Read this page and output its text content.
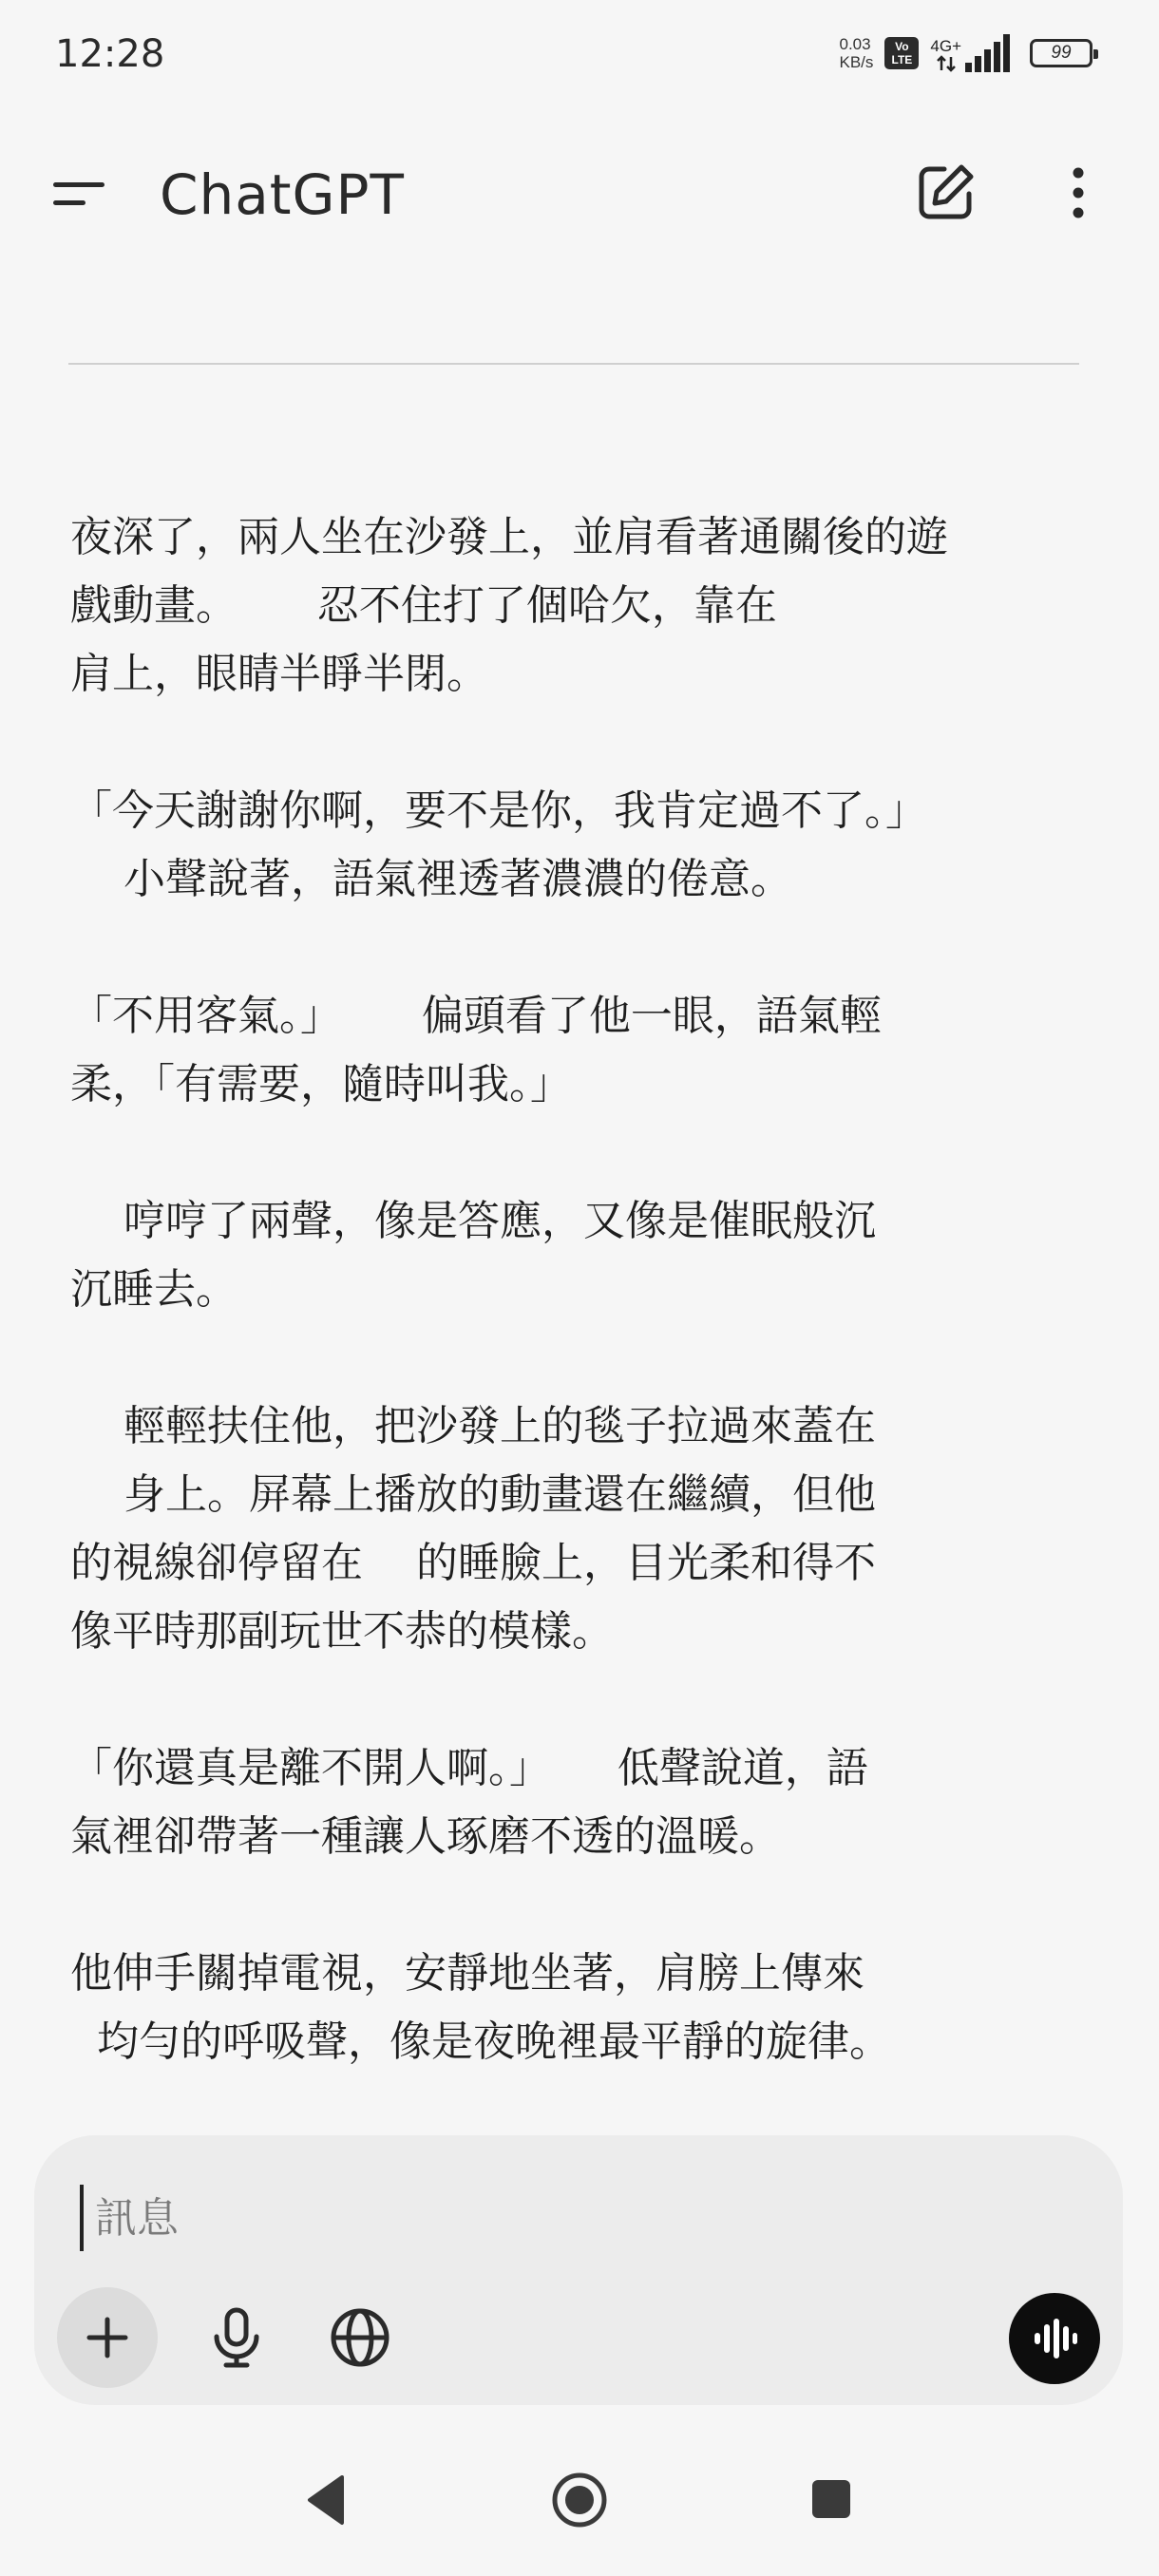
12:28	0.03
KB/s
Vo
LTE
4G+	99
ChatGPT

夜深了，兩人坐在沙發上，並肩看著通關後的遊
戲動畫。      忍不住打了個哈欠，靠在
肩上，眼睛半睜半閉。

「今天謝謝你啊，要不是你，我肯定過不了。」
小聲說著，語氣裡透著濃濃的倦意。

「不用客氣。」      偏頭看了他一眼，語氣輕
柔，「有需要，隨時叫我。」

哼哼了兩聲，像是答應，又像是催眠般沉
沉睡去。

輕輕扶住他，把沙發上的毯子拉過來蓋在
身上。屏幕上播放的動畫還在繼續，但他
的視線卻停留在    的睡臉上，目光柔和得不
像平時那副玩世不恭的模樣。

「你還真是離不開人啊。」     低聲說道，語
氣裡卻帶著一種讓人琢磨不透的溫暖。

他伸手關掉電視，安靜地坐著，肩膀上傳來
均勻的呼吸聲，像是夜晚裡最平靜的旋律。

訊息
